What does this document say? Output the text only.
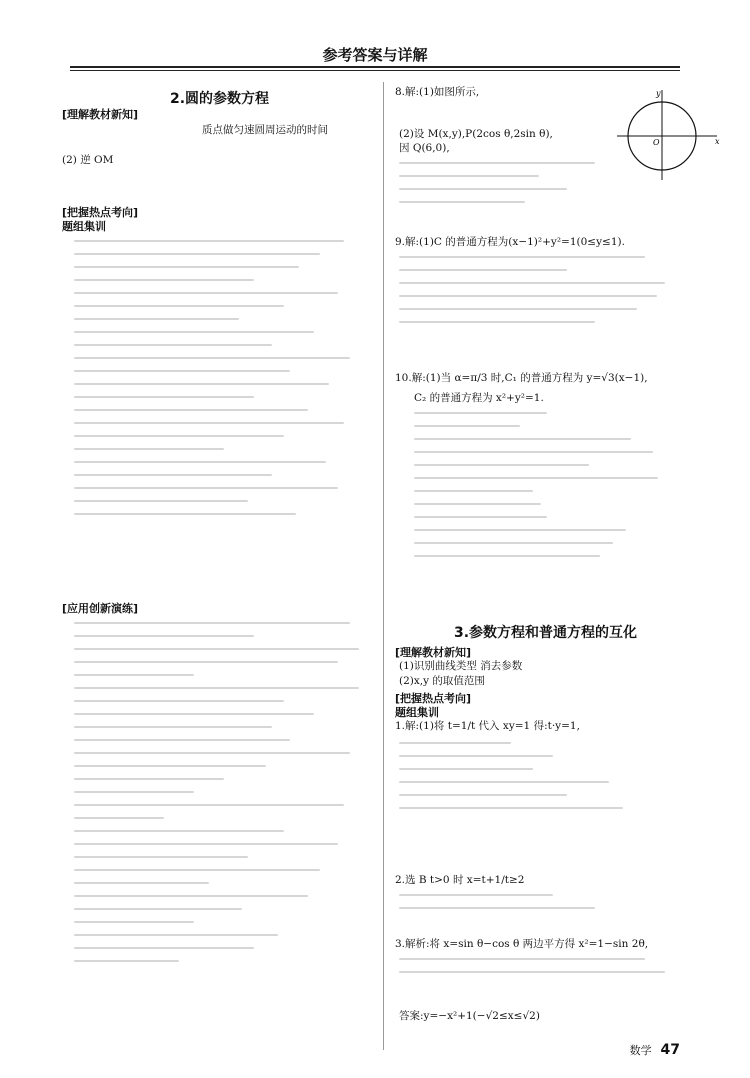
参考答案与详解
2.圆的参数方程
[理解教材新知]
质点做匀速圆周运动的时间
(2) 逆 OM
[把握热点考向]
题组集训
[应用创新演练]
8.解:(1)如图所示,	y
x
O
(2)设 M(x,y),P(2cos θ,2sin θ),
因 Q(6,0),
9.解:(1)C 的普通方程为(x−1)²+y²=1(0≤y≤1).
10.解:(1)当 α=π/3 时,C₁ 的普通方程为 y=√3(x−1),
C₂ 的普通方程为 x²+y²=1.
3.参数方程和普通方程的互化
[理解教材新知]
(1)识别曲线类型 消去参数
(2)x,y 的取值范围
[把握热点考向]
题组集训
1.解:(1)将 t=1/t 代入 xy=1 得:t·y=1,
2.选 B t>0 时 x=t+1/t≥2
3.解析:将 x=sin θ−cos θ 两边平方得 x²=1−sin 2θ,
答案:y=−x²+1(−√2≤x≤√2)
数学 47
